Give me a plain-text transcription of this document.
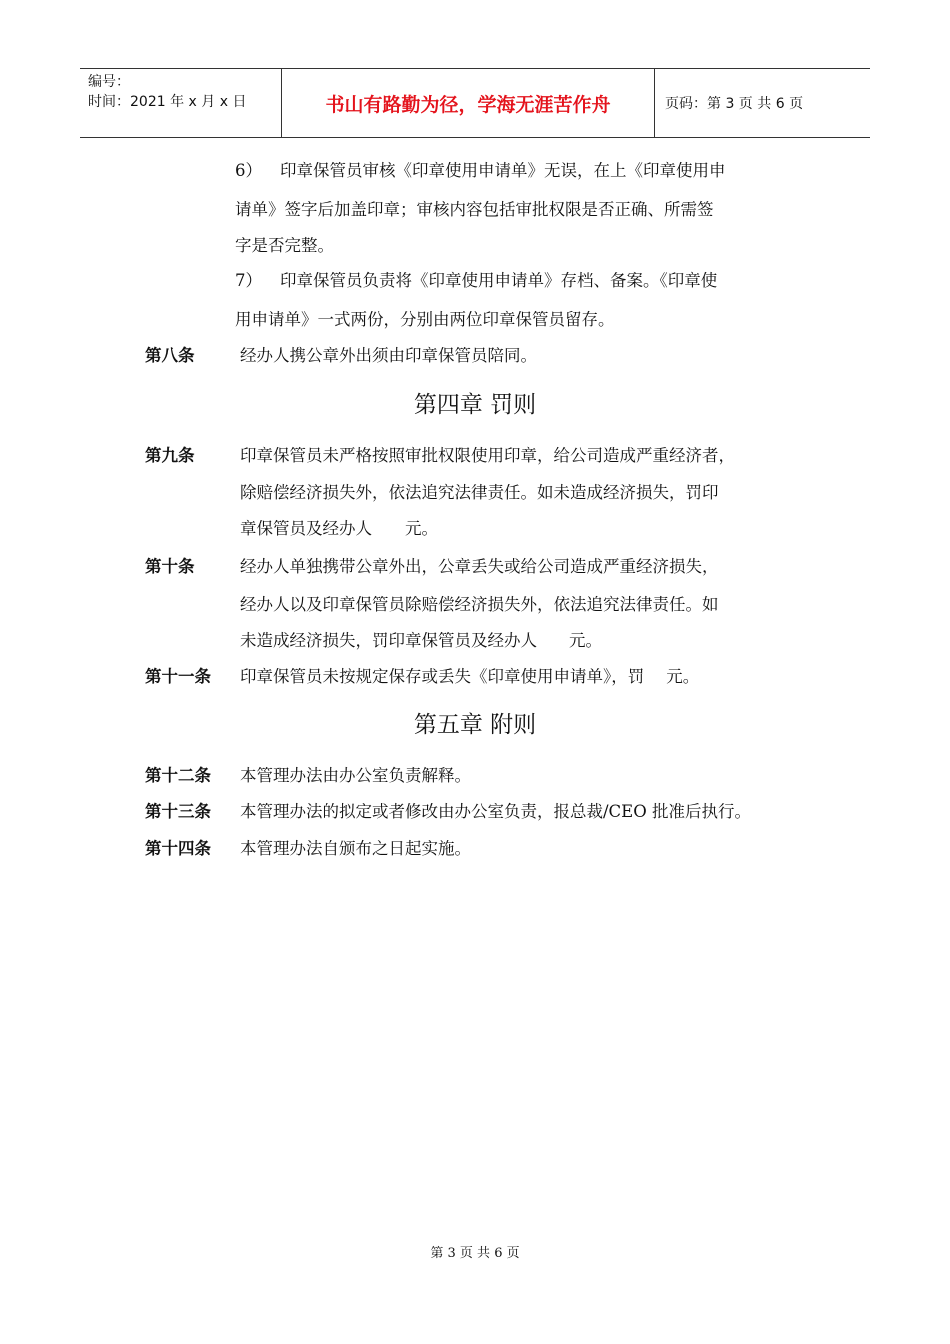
编号：
时间：2021 年 x 月 x 日	书山有路勤为径，学海无涯苦作舟	页码：第 3 页 共 6 页
6） 印章保管员审核《印章使用申请单》无误，在上《印章使用申
请单》签字后加盖印章；审核内容包括审批权限是否正确、所需签
字是否完整。
7） 印章保管员负责将《印章使用申请单》存档、备案。《印章使
用申请单》一式两份，分别由两位印章保管员留存。
第八条	经办人携公章外出须由印章保管员陪同。
第四章 罚则
第九条	印章保管员未严格按照审批权限使用印章，给公司造成严重经济者，
除赔偿经济损失外，依法追究法律责任。如未造成经济损失，罚印
章保管员及经办人 元。
第十条	经办人单独携带公章外出，公章丢失或给公司造成严重经济损失，
经办人以及印章保管员除赔偿经济损失外，依法追究法律责任。如
未造成经济损失，罚印章保管员及经办人 元。
第十一条 印章保管员未按规定保存或丢失《印章使用申请单》，罚 元。
第五章 附则
第十二条 本管理办法由办公室负责解释。
第十三条 本管理办法的拟定或者修改由办公室负责，报总裁/CEO 批准后执行。
第十四条 本管理办法自颁布之日起实施。
第 3 页 共 6 页
